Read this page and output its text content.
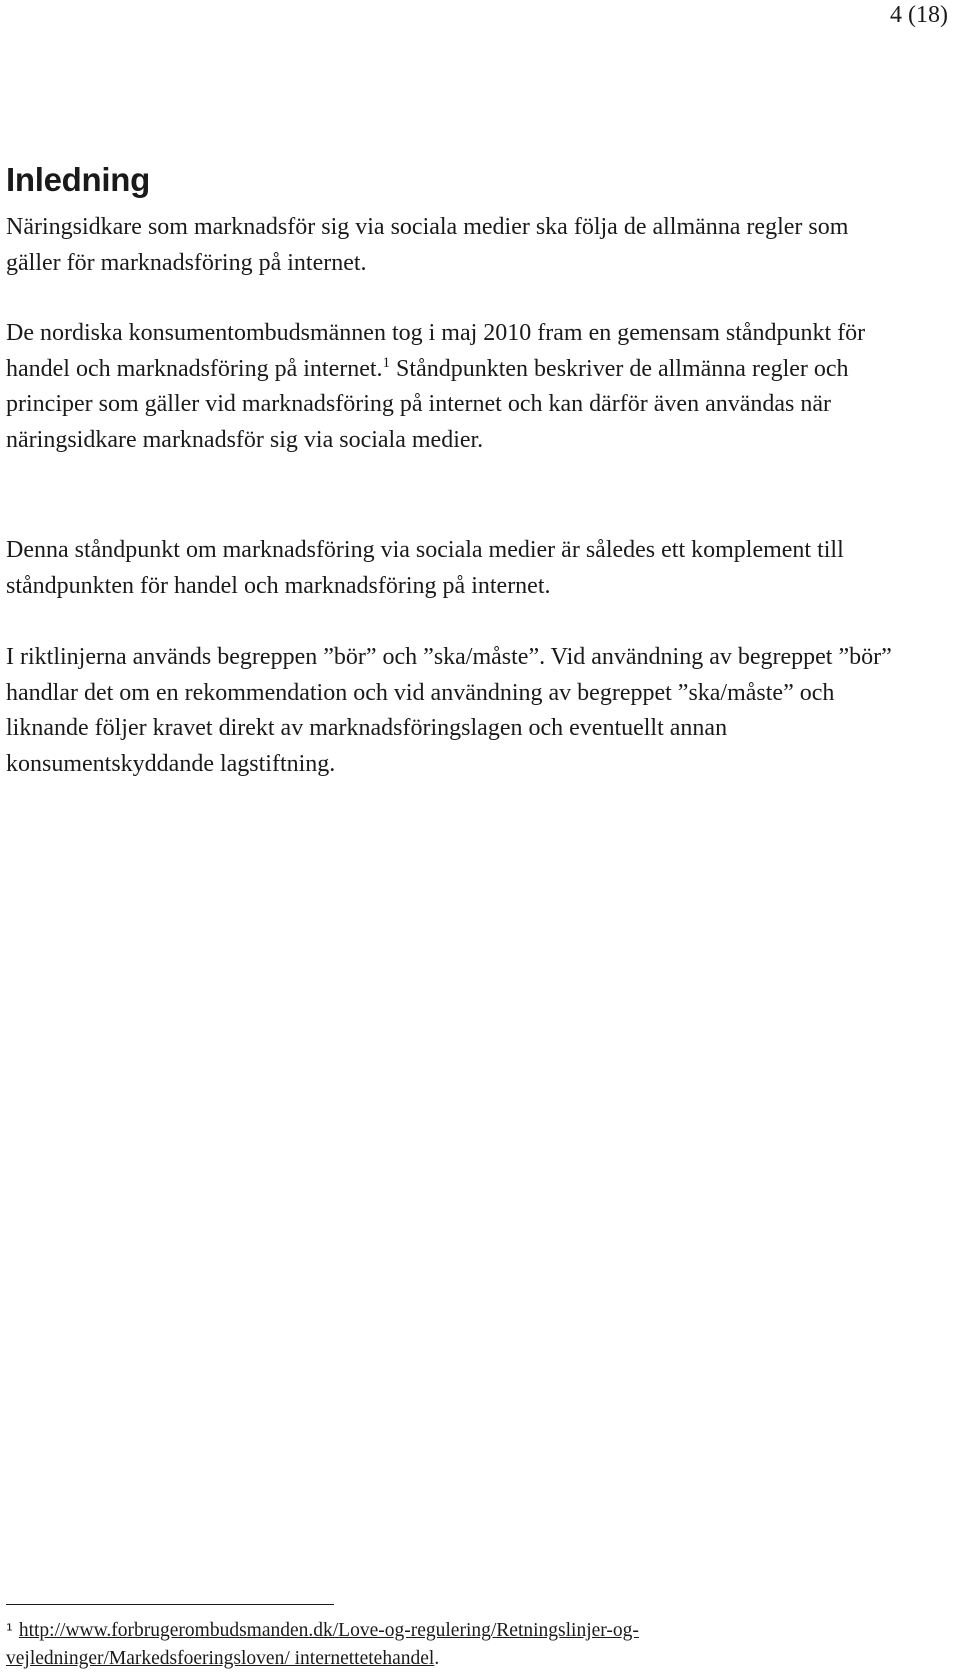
4 (18)
Inledning

Näringsidkare som marknadsför sig via sociala medier ska följa de allmänna regler som gäller för marknadsföring på internet.

De nordiska konsumentombudsmännen tog i maj 2010 fram en gemensam ståndpunkt för handel och marknadsföring på internet.$^1$ Ståndpunkten beskriver de allmänna regler och principer som gäller vid marknadsföring på internet och kan därför även användas när näringsidkare marknadsför sig via sociala medier.

Denna ståndpunkt om marknadsföring via sociala medier är således ett komplement till ståndpunkten för handel och marknadsföring på internet.

I riktlinjerna används begreppen ”bör” och ”ska/måste”. Vid användning av begreppet ”bör” handlar det om en rekommendation och vid användning av begreppet ”ska/måste” och liknande följer kravet direkt av marknadsföringslagen och eventuellt annan konsumentskyddande lagstiftning.

¹ http://www.forbrugerombudsmanden.dk/Love-og-regulering/Retningslinjer-og-vejledninger/Markedsfoeringsloven/ internettetehandel.
